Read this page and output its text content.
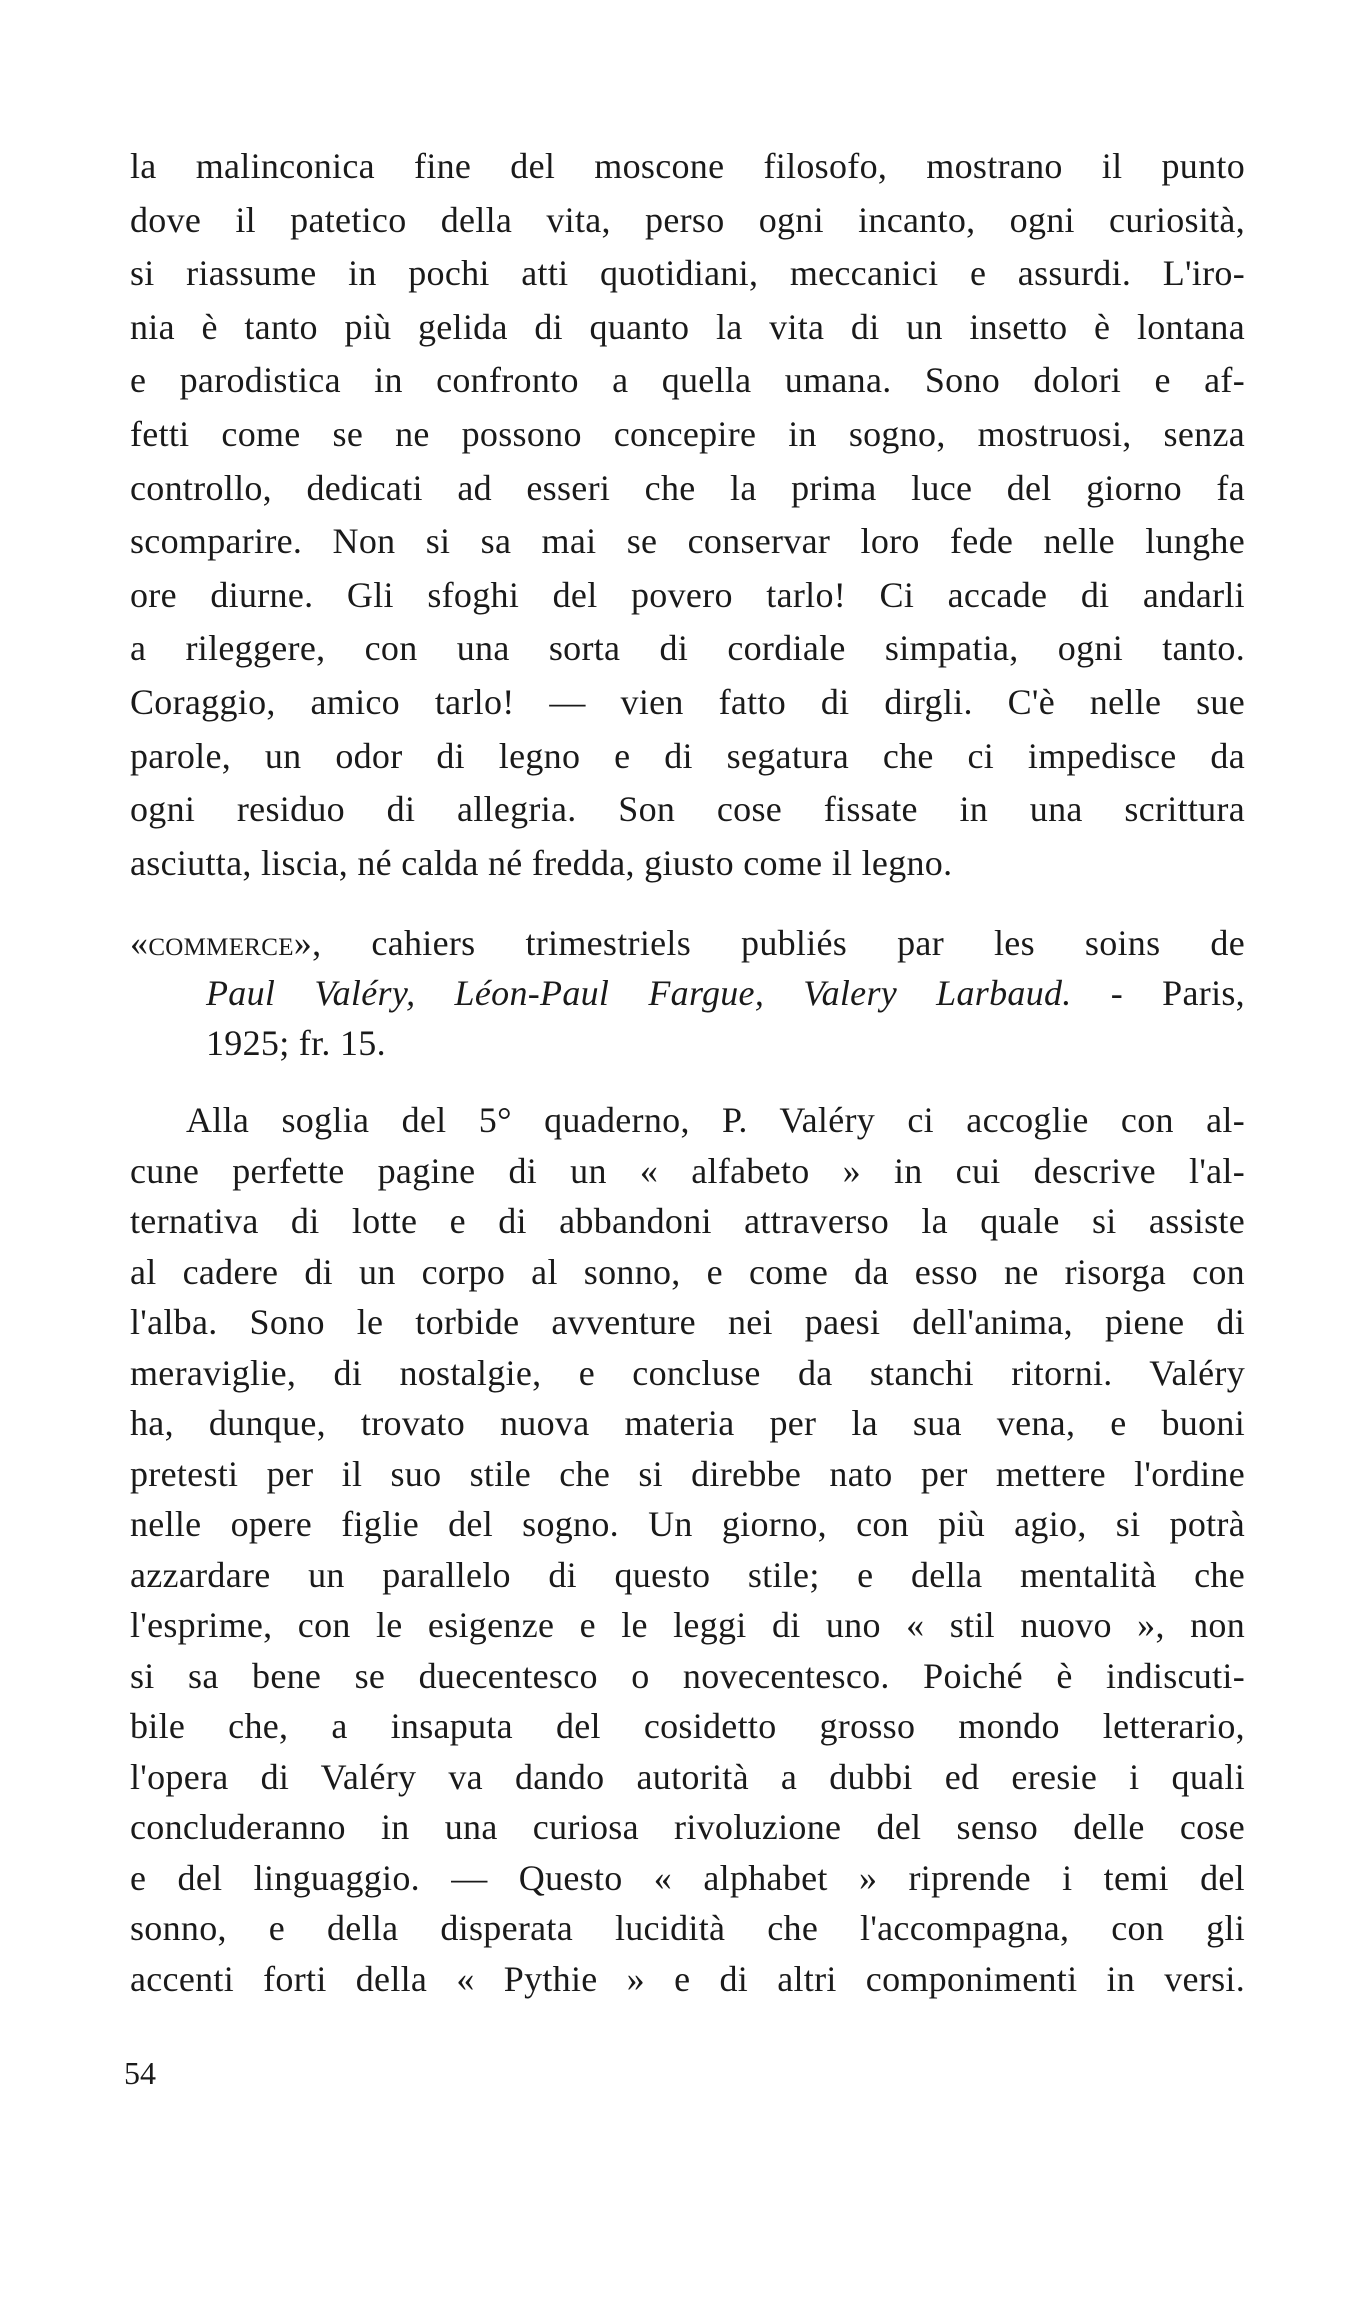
la malinconica fine del moscone filosofo, mostrano il punto
dove il patetico della vita, perso ogni incanto, ogni curiosità,
si riassume in pochi atti quotidiani, meccanici e assurdi. L'iro-
nia è tanto più gelida di quanto la vita di un insetto è lontana
e parodistica in confronto a quella umana. Sono dolori e af-
fetti come se ne possono concepire in sogno, mostruosi, senza
controllo, dedicati ad esseri che la prima luce del giorno fa
scomparire. Non si sa mai se conservar loro fede nelle lunghe
ore diurne. Gli sfoghi del povero tarlo! Ci accade di andarli
a rileggere, con una sorta di cordiale simpatia, ogni tanto.
Coraggio, amico tarlo! — vien fatto di dirgli. C'è nelle sue
parole, un odor di legno e di segatura che ci impedisce da
ogni residuo di allegria. Son cose fissate in una scrittura
asciutta, liscia, né calda né fredda, giusto come il legno.
«commerce», cahiers trimestriels publiés par les soins de
Paul Valéry, Léon-Paul Fargue, Valery Larbaud. - Paris,
1925; fr. 15.
Alla soglia del 5° quaderno, P. Valéry ci accoglie con al-
cune perfette pagine di un « alfabeto » in cui descrive l'al-
ternativa di lotte e di abbandoni attraverso la quale si assiste
al cadere di un corpo al sonno, e come da esso ne risorga con
l'alba. Sono le torbide avventure nei paesi dell'anima, piene di
meraviglie, di nostalgie, e concluse da stanchi ritorni. Valéry
ha, dunque, trovato nuova materia per la sua vena, e buoni
pretesti per il suo stile che si direbbe nato per mettere l'ordine
nelle opere figlie del sogno. Un giorno, con più agio, si potrà
azzardare un parallelo di questo stile; e della mentalità che
l'esprime, con le esigenze e le leggi di uno « stil nuovo », non
si sa bene se duecentesco o novecentesco. Poiché è indiscuti-
bile che, a insaputa del cosidetto grosso mondo letterario,
l'opera di Valéry va dando autorità a dubbi ed eresie i quali
concluderanno in una curiosa rivoluzione del senso delle cose
e del linguaggio. — Questo « alphabet » riprende i temi del
sonno, e della disperata lucidità che l'accompagna, con gli
accenti forti della « Pythie » e di altri componimenti in versi.
54
